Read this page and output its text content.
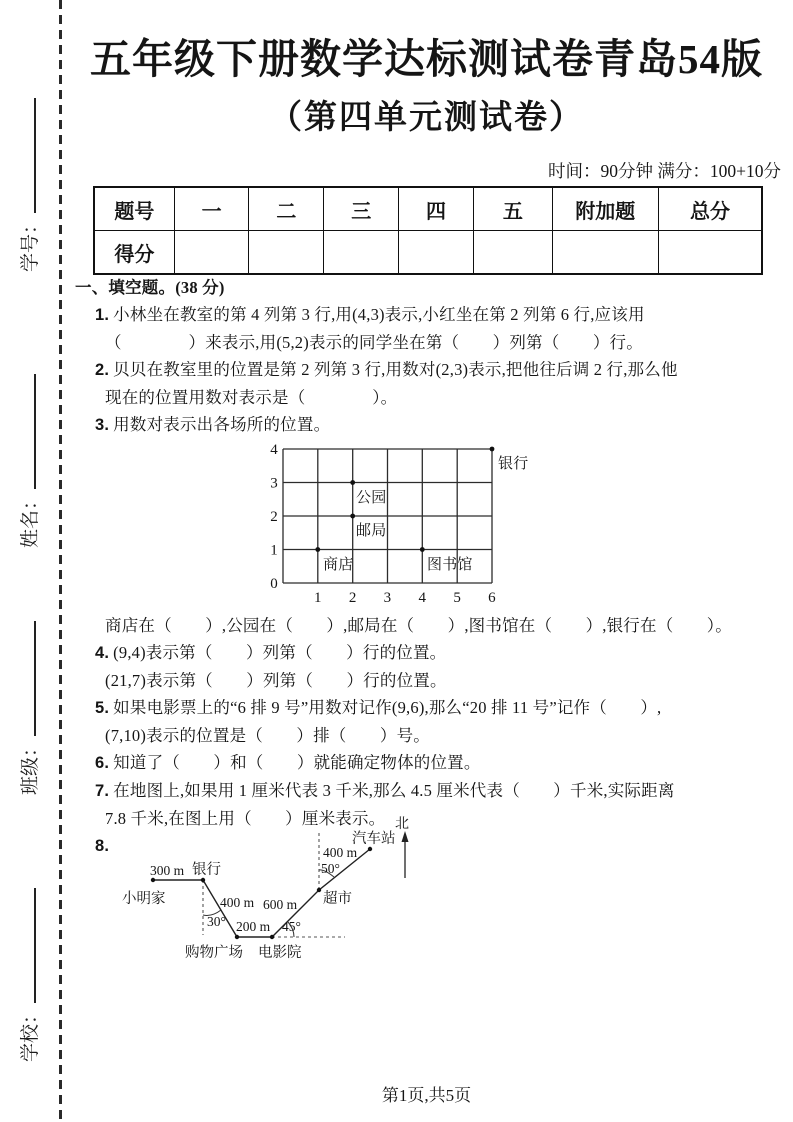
学号：
姓名：
班级：
学校：
五年级下册数学达标测试卷青岛54版
（第四单元测试卷）
时间：90分钟 满分：100+10分
题号	一	二	三	四	五	附加题	总分
得分							
一、填空题。(38 分)
1. 小林坐在教室的第 4 列第 3 行,用(4,3)表示,小红坐在第 2 列第 6 行,应该用
（　　　　）来表示,用(5,2)表示的同学坐在第（　　）列第（　　）行。
2. 贝贝在教室里的位置是第 2 列第 3 行,用数对(2,3)表示,把他往后调 2 行,那么他
现在的位置用数对表示是（　　　　）。
3. 用数对表示出各场所的位置。
4
3
2
1
0
1 2 3 4 5 6
商店
公园
邮局
图书馆
银行
商店在（　　）,公园在（　　）,邮局在（　　）,图书馆在（　　）,银行在（　　）。
4. (9,4)表示第（　　）列第（　　）行的位置。
(21,7)表示第（　　）列第（　　）行的位置。
5. 如果电影票上的“6 排 9 号”用数对记作(9,6),那么“20 排 11 号”记作（　　）,
(7,10)表示的位置是（　　）排（　　）号。
6. 知道了（　　）和（　　）就能确定物体的位置。
7. 在地图上,如果用 1 厘米代表 3 千米,那么 4.5 厘米代表（　　）千米,实际距离
7.8 千米,在图上用（　　）厘米表示。
8.
北
小明家
银行
购物广场 电影院
超市
汽车站
300 m
400 m
200 m
600 m
400 m
30°	45°
50°
第1页,共5页
